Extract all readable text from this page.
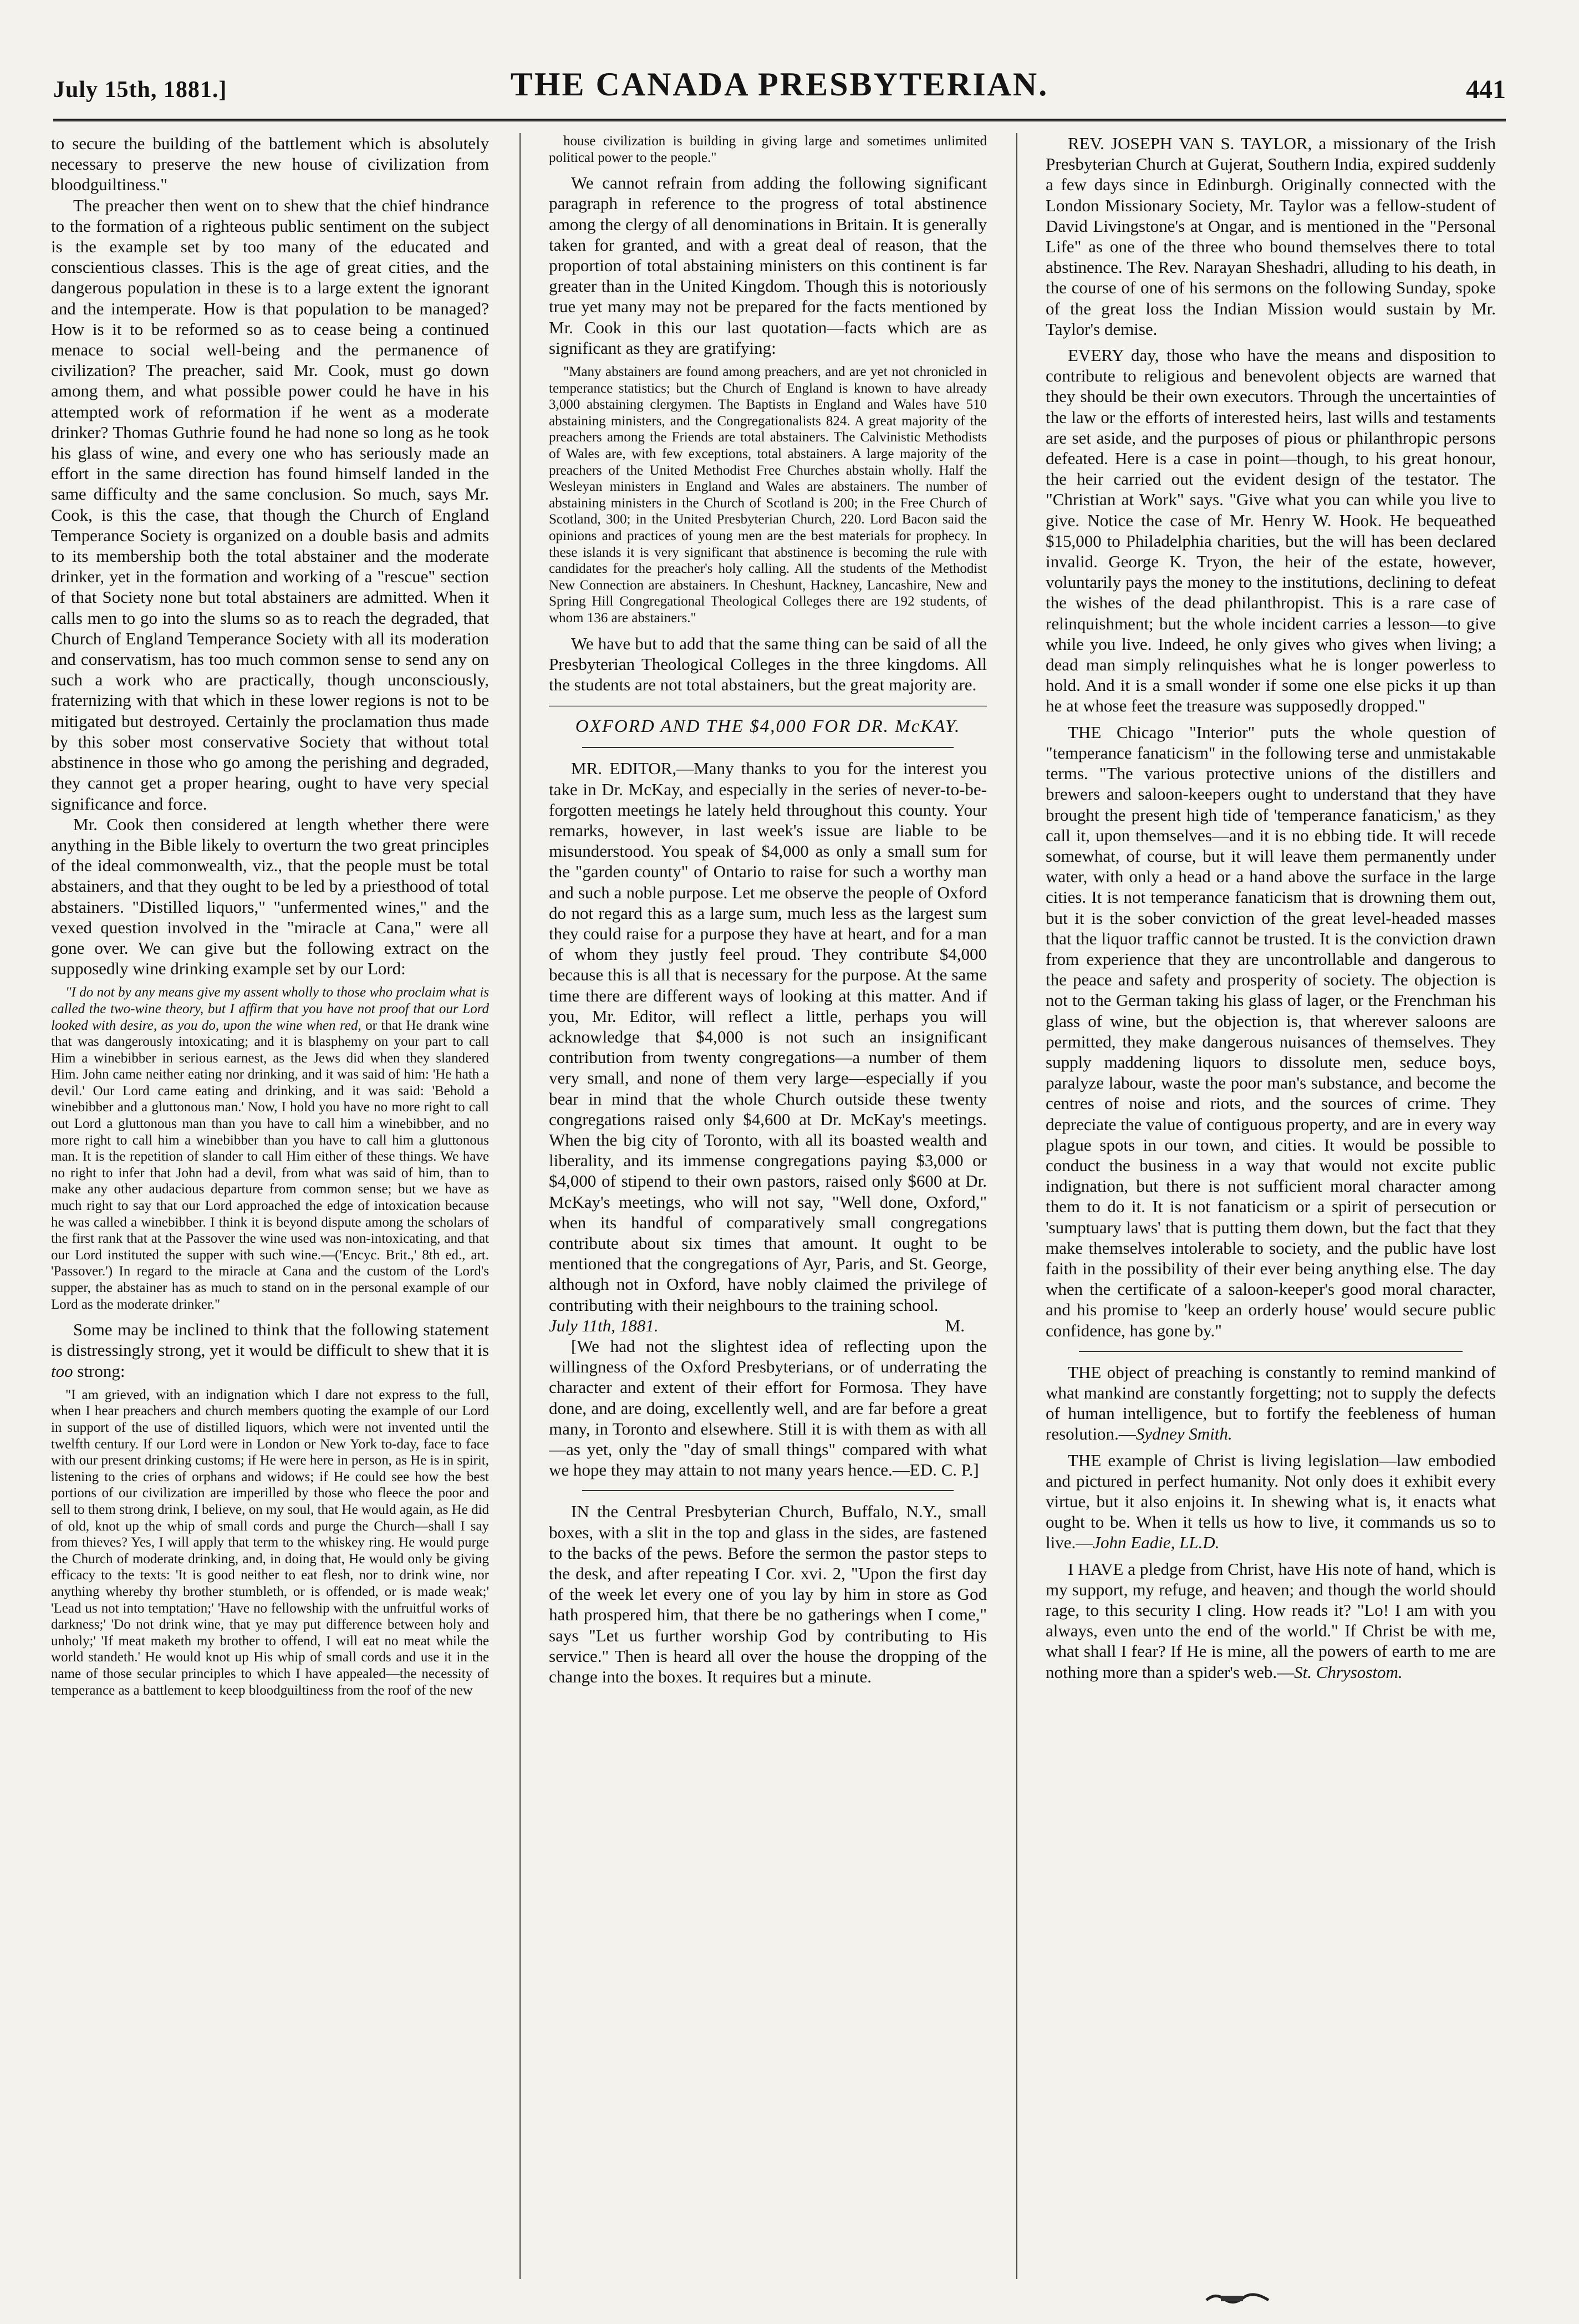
July 15th, 1881.]	THE CANADA PRESBYTERIAN.	441

to secure the building of the battlement which is absolutely necessary to preserve the new house of civilization from bloodguiltiness."

The preacher then went on to shew that the chief hindrance to the formation of a righteous public sentiment on the subject is the example set by too many of the educated and conscientious classes. This is the age of great cities, and the dangerous population in these is to a large extent the ignorant and the intemperate. How is that population to be managed? How is it to be reformed so as to cease being a continued menace to social well-being and the permanence of civilization? The preacher, said Mr. Cook, must go down among them, and what possible power could he have in his attempted work of reformation if he went as a moderate drinker? Thomas Guthrie found he had none so long as he took his glass of wine, and every one who has seriously made an effort in the same direction has found himself landed in the same difficulty and the same conclusion. So much, says Mr. Cook, is this the case, that though the Church of England Temperance Society is organized on a double basis and admits to its membership both the total abstainer and the moderate drinker, yet in the formation and working of a "rescue" section of that Society none but total abstainers are admitted. When it calls men to go into the slums so as to reach the degraded, that Church of England Temperance Society with all its moderation and conservatism, has too much common sense to send any on such a work who are practically, though unconsciously, fraternizing with that which in these lower regions is not to be mitigated but destroyed. Certainly the proclamation thus made by this sober most conservative Society that without total abstinence in those who go among the perishing and degraded, they cannot get a proper hearing, ought to have very special significance and force.

Mr. Cook then considered at length whether there were anything in the Bible likely to overturn the two great principles of the ideal commonwealth, viz., that the people must be total abstainers, and that they ought to be led by a priesthood of total abstainers. "Distilled liquors," "unfermented wines," and the vexed question involved in the "miracle at Cana," were all gone over. We can give but the following extract on the supposedly wine drinking example set by our Lord:

"I do not by any means give my assent wholly to those who proclaim what is called the two-wine theory, but I affirm that you have not proof that our Lord looked with desire, as you do, upon the wine when red, or that He drank wine that was dangerously intoxicating; and it is blasphemy on your part to call Him a winebibber in serious earnest, as the Jews did when they slandered Him. John came neither eating nor drinking, and it was said of him: 'He hath a devil.' Our Lord came eating and drinking, and it was said: 'Behold a winebibber and a gluttonous man.' Now, I hold you have no more right to call out Lord a gluttonous man than you have to call him a winebibber, and no more right to call him a winebibber than you have to call him a gluttonous man. It is the repetition of slander to call Him either of these things. We have no right to infer that John had a devil, from what was said of him, than to make any other audacious departure from common sense; but we have as much right to say that our Lord approached the edge of intoxication because he was called a winebibber. I think it is beyond dispute among the scholars of the first rank that at the Passover the wine used was non-intoxicating, and that our Lord instituted the supper with such wine.—('Encyc. Brit.,' 8th ed., art. 'Passover.') In regard to the miracle at Cana and the custom of the Lord's supper, the abstainer has as much to stand on in the personal example of our Lord as the moderate drinker."

Some may be inclined to think that the following statement is distressingly strong, yet it would be difficult to shew that it is too strong:

"I am grieved, with an indignation which I dare not express to the full, when I hear preachers and church members quoting the example of our Lord in support of the use of distilled liquors, which were not invented until the twelfth century. If our Lord were in London or New York to-day, face to face with our present drinking customs; if He were here in person, as He is in spirit, listening to the cries of orphans and widows; if He could see how the best portions of our civilization are imperilled by those who fleece the poor and sell to them strong drink, I believe, on my soul, that He would again, as He did of old, knot up the whip of small cords and purge the Church—shall I say from thieves? Yes, I will apply that term to the whiskey ring. He would purge the Church of moderate drinking, and, in doing that, He would only be giving efficacy to the texts: 'It is good neither to eat flesh, nor to drink wine, nor anything whereby thy brother stumbleth, or is offended, or is made weak;' 'Lead us not into temptation;' 'Have no fellowship with the unfruitful works of darkness;' 'Do not drink wine, that ye may put difference between holy and unholy;' 'If meat maketh my brother to offend, I will eat no meat while the world standeth.' He would knot up His whip of small cords and use it in the name of those secular principles to which I have appealed—the necessity of temperance as a battlement to keep bloodguiltiness from the roof of the new

house civilization is building in giving large and sometimes unlimited political power to the people."

We cannot refrain from adding the following significant paragraph in reference to the progress of total abstinence among the clergy of all denominations in Britain. It is generally taken for granted, and with a great deal of reason, that the proportion of total abstaining ministers on this continent is far greater than in the United Kingdom. Though this is notoriously true yet many may not be prepared for the facts mentioned by Mr. Cook in this our last quotation—facts which are as significant as they are gratifying:

"Many abstainers are found among preachers, and are yet not chronicled in temperance statistics; but the Church of England is known to have already 3,000 abstaining clergymen. The Baptists in England and Wales have 510 abstaining ministers, and the Congregationalists 824. A great majority of the preachers among the Friends are total abstainers. The Calvinistic Methodists of Wales are, with few exceptions, total abstainers. A large majority of the preachers of the United Methodist Free Churches abstain wholly. Half the Wesleyan ministers in England and Wales are abstainers. The number of abstaining ministers in the Church of Scotland is 200; in the Free Church of Scotland, 300; in the United Presbyterian Church, 220. Lord Bacon said the opinions and practices of young men are the best materials for prophecy. In these islands it is very significant that abstinence is becoming the rule with candidates for the preacher's holy calling. All the students of the Methodist New Connection are abstainers. In Cheshunt, Hackney, Lancashire, New and Spring Hill Congregational Theological Colleges there are 192 students, of whom 136 are abstainers."

We have but to add that the same thing can be said of all the Presbyterian Theological Colleges in the three kingdoms. All the students are not total abstainers, but the great majority are.

OXFORD AND THE $4,000 FOR DR. McKAY.

MR. EDITOR,—Many thanks to you for the interest you take in Dr. McKay, and especially in the series of never-to-be-forgotten meetings he lately held throughout this county. Your remarks, however, in last week's issue are liable to be misunderstood. You speak of $4,000 as only a small sum for the "garden county" of Ontario to raise for such a worthy man and such a noble purpose. Let me observe the people of Oxford do not regard this as a large sum, much less as the largest sum they could raise for a purpose they have at heart, and for a man of whom they justly feel proud. They contribute $4,000 because this is all that is necessary for the purpose. At the same time there are different ways of looking at this matter. And if you, Mr. Editor, will reflect a little, perhaps you will acknowledge that $4,000 is not such an insignificant contribution from twenty congregations—a number of them very small, and none of them very large—especially if you bear in mind that the whole Church outside these twenty congregations raised only $4,600 at Dr. McKay's meetings. When the big city of Toronto, with all its boasted wealth and liberality, and its immense congregations paying $3,000 or $4,000 of stipend to their own pastors, raised only $600 at Dr. McKay's meetings, who will not say, "Well done, Oxford," when its handful of comparatively small congregations contribute about six times that amount. It ought to be mentioned that the congregations of Ayr, Paris, and St. George, although not in Oxford, have nobly claimed the privilege of contributing with their neighbours to the training school.

July 11th, 1881.	M.

[We had not the slightest idea of reflecting upon the willingness of the Oxford Presbyterians, or of underrating the character and extent of their effort for Formosa. They have done, and are doing, excellently well, and are far before a great many, in Toronto and elsewhere. Still it is with them as with all—as yet, only the "day of small things" compared with what we hope they may attain to not many years hence.—ED. C. P.]

IN the Central Presbyterian Church, Buffalo, N.Y., small boxes, with a slit in the top and glass in the sides, are fastened to the backs of the pews. Before the sermon the pastor steps to the desk, and after repeating I Cor. xvi. 2, "Upon the first day of the week let every one of you lay by him in store as God hath prospered him, that there be no gatherings when I come," says "Let us further worship God by contributing to His service." Then is heard all over the house the dropping of the change into the boxes. It requires but a minute.

REV. JOSEPH VAN S. TAYLOR, a missionary of the Irish Presbyterian Church at Gujerat, Southern India, expired suddenly a few days since in Edinburgh. Originally connected with the London Missionary Society, Mr. Taylor was a fellow-student of David Livingstone's at Ongar, and is mentioned in the "Personal Life" as one of the three who bound themselves there to total abstinence. The Rev. Narayan Sheshadri, alluding to his death, in the course of one of his sermons on the following Sunday, spoke of the great loss the Indian Mission would sustain by Mr. Taylor's demise.

EVERY day, those who have the means and disposition to contribute to religious and benevolent objects are warned that they should be their own executors. Through the uncertainties of the law or the efforts of interested heirs, last wills and testaments are set aside, and the purposes of pious or philanthropic persons defeated. Here is a case in point—though, to his great honour, the heir carried out the evident design of the testator. The "Christian at Work" says. "Give what you can while you live to give. Notice the case of Mr. Henry W. Hook. He bequeathed $15,000 to Philadelphia charities, but the will has been declared invalid. George K. Tryon, the heir of the estate, however, voluntarily pays the money to the institutions, declining to defeat the wishes of the dead philanthropist. This is a rare case of relinquishment; but the whole incident carries a lesson—to give while you live. Indeed, he only gives who gives when living; a dead man simply relinquishes what he is longer powerless to hold. And it is a small wonder if some one else picks it up than he at whose feet the treasure was supposedly dropped."

THE Chicago "Interior" puts the whole question of "temperance fanaticism" in the following terse and unmistakable terms. "The various protective unions of the distillers and brewers and saloon-keepers ought to understand that they have brought the present high tide of 'temperance fanaticism,' as they call it, upon themselves—and it is no ebbing tide. It will recede somewhat, of course, but it will leave them permanently under water, with only a head or a hand above the surface in the large cities. It is not temperance fanaticism that is drowning them out, but it is the sober conviction of the great level-headed masses that the liquor traffic cannot be trusted. It is the conviction drawn from experience that they are uncontrollable and dangerous to the peace and safety and prosperity of society. The objection is not to the German taking his glass of lager, or the Frenchman his glass of wine, but the objection is, that wherever saloons are permitted, they make dangerous nuisances of themselves. They supply maddening liquors to dissolute men, seduce boys, paralyze labour, waste the poor man's substance, and become the centres of noise and riots, and the sources of crime. They depreciate the value of contiguous property, and are in every way plague spots in our town, and cities. It would be possible to conduct the business in a way that would not excite public indignation, but there is not sufficient moral character among them to do it. It is not fanaticism or a spirit of persecution or 'sumptuary laws' that is putting them down, but the fact that they make themselves intolerable to society, and the public have lost faith in the possibility of their ever being anything else. The day when the certificate of a saloon-keeper's good moral character, and his promise to 'keep an orderly house' would secure public confidence, has gone by."

THE object of preaching is constantly to remind mankind of what mankind are constantly forgetting; not to supply the defects of human intelligence, but to fortify the feebleness of human resolution.—Sydney Smith.

THE example of Christ is living legislation—law embodied and pictured in perfect humanity. Not only does it exhibit every virtue, but it also enjoins it. In shewing what is, it enacts what ought to be. When it tells us how to live, it commands us so to live.—John Eadie, LL.D.

I HAVE a pledge from Christ, have His note of hand, which is my support, my refuge, and heaven; and though the world should rage, to this security I cling. How reads it? "Lo! I am with you always, even unto the end of the world." If Christ be with me, what shall I fear? If He is mine, all the powers of earth to me are nothing more than a spider's web.—St. Chrysostom.
